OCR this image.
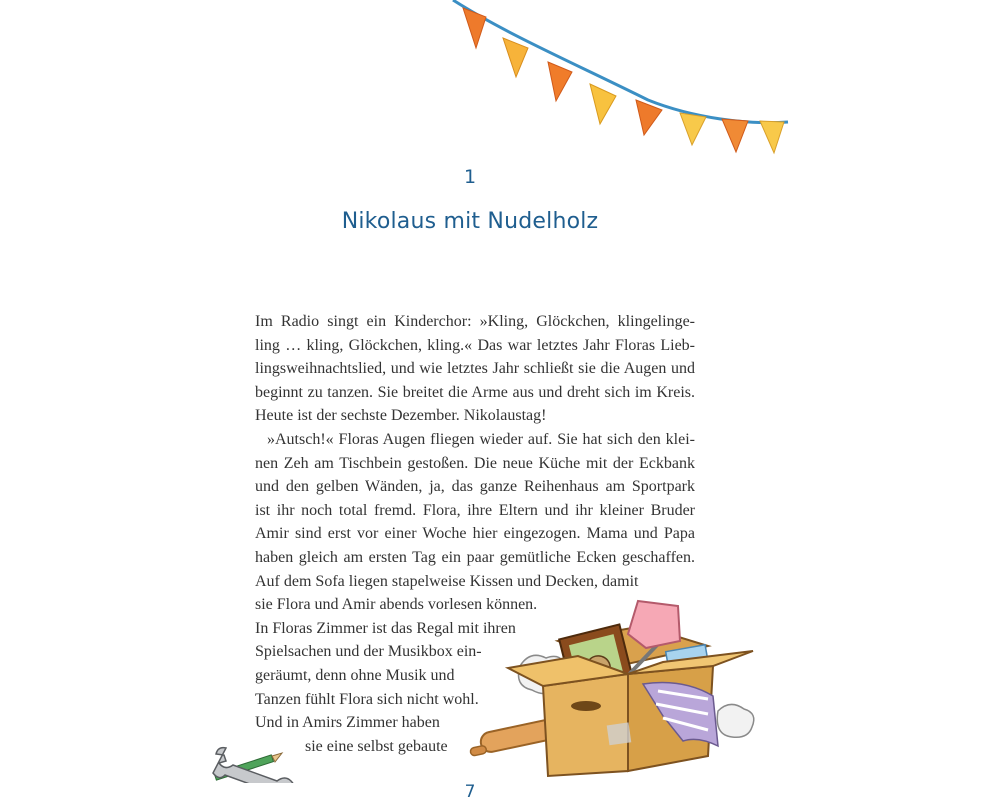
1
Nikolaus mit Nudelholz
Im Radio singt ein Kinderchor: »Kling, Glöckchen, klingelinge-
ling … kling, Glöckchen, kling.« Das war letztes Jahr Floras Lieb-
lingsweihnachtslied, und wie letztes Jahr schließt sie die Augen und
beginnt zu tanzen. Sie breitet die Arme aus und dreht sich im Kreis.
Heute ist der sechste Dezember. Nikolaustag!
»Autsch!« Floras Augen fliegen wieder auf. Sie hat sich den klei-
nen Zeh am Tischbein gestoßen. Die neue Küche mit der Eckbank
und den gelben Wänden, ja, das ganze Reihenhaus am Sportpark
ist ihr noch total fremd. Flora, ihre Eltern und ihr kleiner Bruder
Amir sind erst vor einer Woche hier eingezogen. Mama und Papa
haben gleich am ersten Tag ein paar gemütliche Ecken geschaffen.
Auf dem Sofa liegen stapelweise Kissen und Decken, damit
sie Flora und Amir abends vorlesen können.
In Floras Zimmer ist das Regal mit ihren
Spielsachen und der Musikbox ein-
geräumt, denn ohne Musik und
Tanzen fühlt Flora sich nicht wohl.
Und in Amirs Zimmer haben
sie eine selbst gebaute
7
